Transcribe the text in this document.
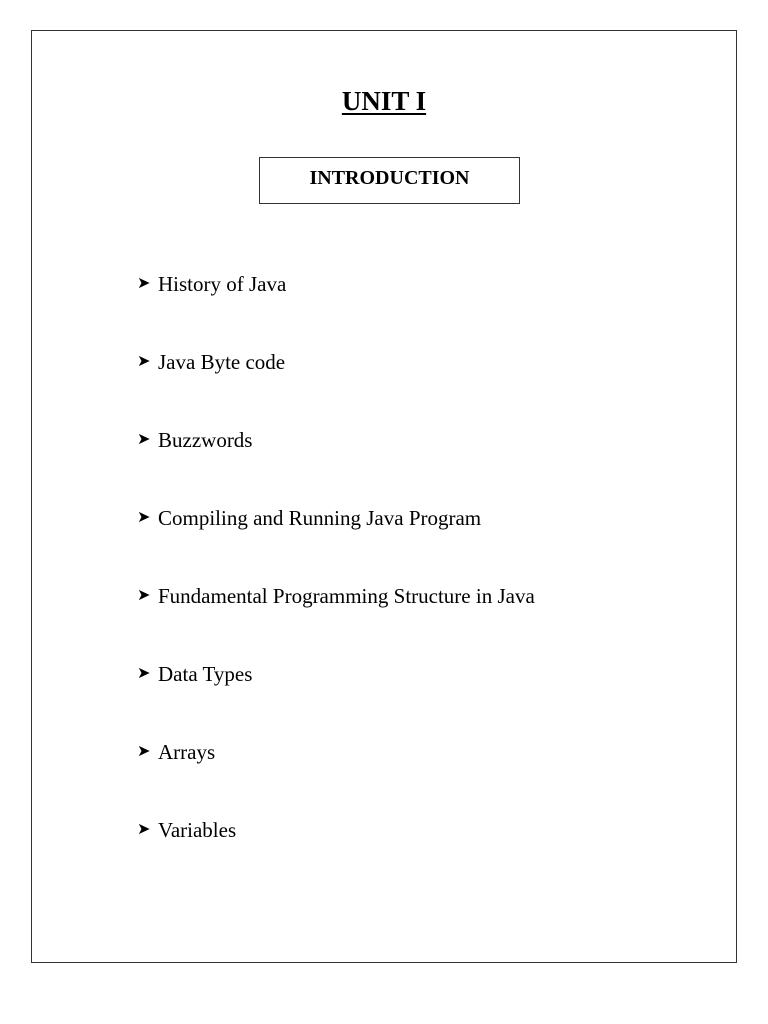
UNIT I
INTRODUCTION
➤ History of Java
➤ Java Byte code
➤ Buzzwords
➤ Compiling and Running Java Program
➤ Fundamental Programming Structure in Java
➤ Data Types
➤ Arrays
➤ Variables
